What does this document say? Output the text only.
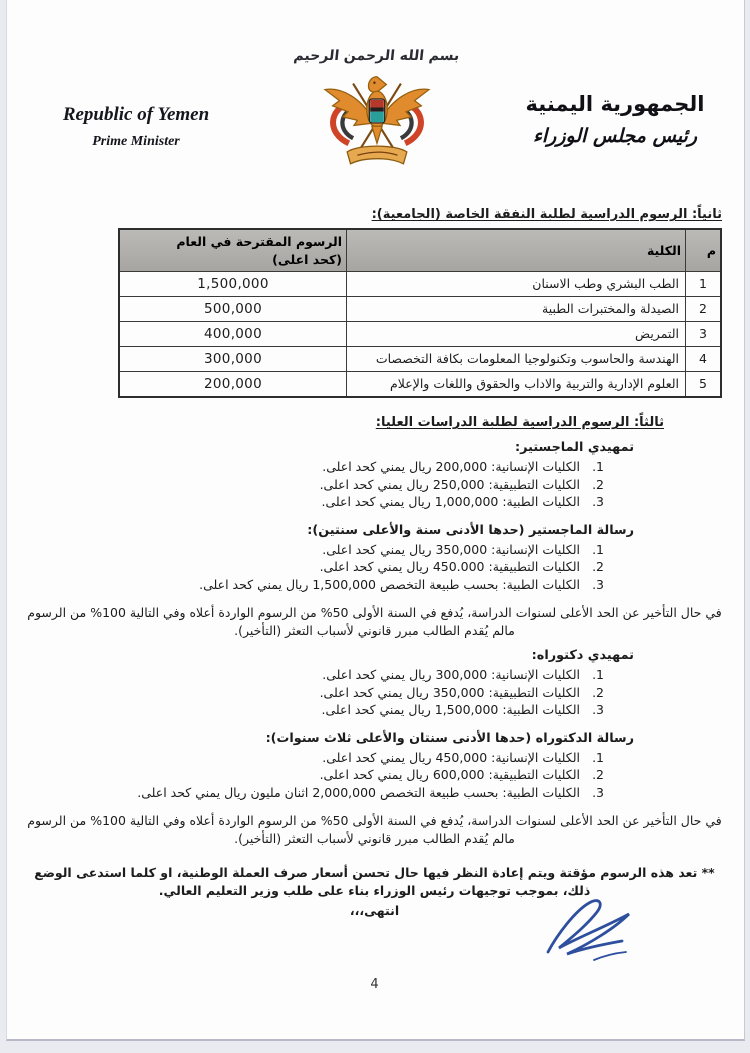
Republic of Yemen
Prime Minister
بسم الله الرحمن الرحيم
الجمهورية اليمنية
رئيس مجلس الوزراء
ثانياً: الرسوم الدراسية لطلبة النفقة الخاصة (الجامعية):
م	الكلية	الرسوم المقترحة في العام
(كحد اعلى)

1	الطب البشري وطب الاسنان	1,500,000
2	الصيدلة والمختبرات الطبية	500,000
3	التمريض	400,000
4	الهندسة والحاسوب وتكنولوجيا المعلومات بكافة التخصصات	300,000
5	العلوم الإدارية والتربية والاداب والحقوق واللغات والإعلام	200,000
ثالثاً: الرسوم الدراسية لطلبة الدراسات العليا:
تمهيدي الماجستير:
1.
الكليات الإنسانية: 200,000 ريال يمني كحد اعلى.
2.
الكليات التطبيقية: 250,000 ريال يمني كحد اعلى.
3.
الكليات الطبية: 1,000,000 ريال يمني كحد اعلى.
رسالة الماجستير (حدها الأدنى سنة والأعلى سنتين):
1.
الكليات الإنسانية: 350,000 ريال يمني كحد اعلى.
2.
الكليات التطبيقية: 450.000 ريال يمني كحد اعلى.
3.
الكليات الطبية: بحسب طبيعة التخصص 1,500,000 ريال يمني كحد اعلى.

في حال التأخير عن الحد الأعلى لسنوات الدراسة، يُدفع في السنة الأولى 50% من الرسوم الواردة أعلاه وفي التالية 100% من الرسوم مالم يُقدم الطالب مبرر قانوني لأسباب التعثر (التأخير).

تمهيدي دكتوراه:
1.
الكليات الإنسانية: 300,000 ريال يمني كحد اعلى.
2.
الكليات التطبيقية: 350,000 ريال يمني كحد اعلى.
3.
الكليات الطبية: 1,500,000 ريال يمني كحد اعلى.
رسالة الدكتوراه (حدها الأدنى سنتان والأعلى ثلاث سنوات):
1.
الكليات الإنسانية: 450,000 ريال يمني كحد اعلى.
2.
الكليات التطبيقية: 600,000 ريال يمني كحد اعلى.
3.
الكليات الطبية: بحسب طبيعة التخصص 2,000,000 اثنان مليون ريال يمني كحد اعلى.

في حال التأخير عن الحد الأعلى لسنوات الدراسة، يُدفع في السنة الأولى 50% من الرسوم الواردة أعلاه وفي التالية 100% من الرسوم مالم يُقدم الطالب مبرر قانوني لأسباب التعثر (التأخير).

** تعد هذه الرسوم مؤقتة ويتم إعادة النظر فيها حال تحسن أسعار صرف العملة الوطنية، او كلما استدعى الوضع ذلك، بموجب توجيهات رئيس الوزراء بناء على طلب وزير التعليم العالي.

انتهى،،،
4
